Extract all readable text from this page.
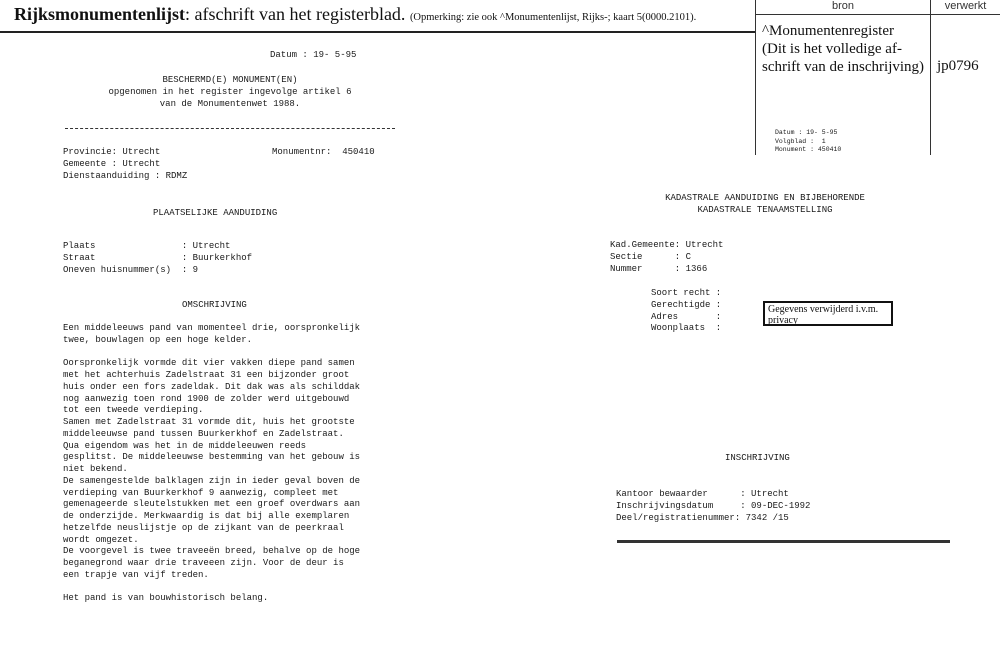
Rijksmonumentenlijst: afschrift van het registerblad. (Opmerking: zie ook ^Monumentenlijst, Rijks-; kaart 5(0000.2101).
bron	verwerkt
^Monumentenregister
(Dit is het volledige af-
schrift van de inschrijving) jp0796
Datum : 19- 5-95
BESCHERMD(E) MONUMENT(EN)
opgenomen in het register ingevolge artikel 6
van de Monumentenwet 1988.
Provincie: Utrecht
Gemeente : Utrecht
Dienstaanduiding : RDMZ
Monumentnr:  450410
PLAATSELIJKE AANDUIDING
Plaats                : Utrecht
Straat                : Buurkerkhof
Oneven huisnummer(s)  : 9
OMSCHRIJVING
Een middeleeuws pand van momenteel drie, oorspronkelijk
twee, bouwlagen op een hoge kelder.

Oorspronkelijk vormde dit vier vakken diepe pand samen
met het achterhuis Zadelstraat 31 een bijzonder groot
huis onder een fors zadeldak. Dit dak was als schilddak
nog aanwezig toen rond 1900 de zolder werd uitgebouwd
tot een tweede verdieping.
Samen met Zadelstraat 31 vormde dit, huis het grootste
middeleeuwse pand tussen Buurkerkhof en Zadelstraat.
Qua eigendom was het in de middeleeuwen reeds
gesplitst. De middeleeuwse bestemming van het gebouw is
niet bekend.
De samengestelde balklagen zijn in ieder geval boven de
verdieping van Buurkerkhof 9 aanwezig, compleet met
gemenageerde sleutelstukken met een groef overdwars aan
de onderzijde. Merkwaardig is dat bij alle exemplaren
hetzelfde neuslijstje op de zijkant van de peerkraal
wordt omgezet.
De voorgevel is twee traveeën breed, behalve op de hoge
beganegrond waar drie traveeen zijn. Voor de deur is
een trapje van vijf treden.

Het pand is van bouwhistorisch belang.
Datum : 19- 5-95
Volgblad :  1
Monument : 450410
KADASTRALE AANDUIDING EN BIJBEHORENDE
KADASTRALE TENAAMSTELLING
Kad.Gemeente: Utrecht
Sectie      : C
Nummer      : 1366
Soort recht :
Gerechtigde :
Adres       :
Woonplaats  :
Gegevens verwijderd i.v.m. privacy
INSCHRIJVING
Kantoor bewaarder      : Utrecht
Inschrijvingsdatum     : 09-DEC-1992
Deel/registratienummer: 7342 /15
